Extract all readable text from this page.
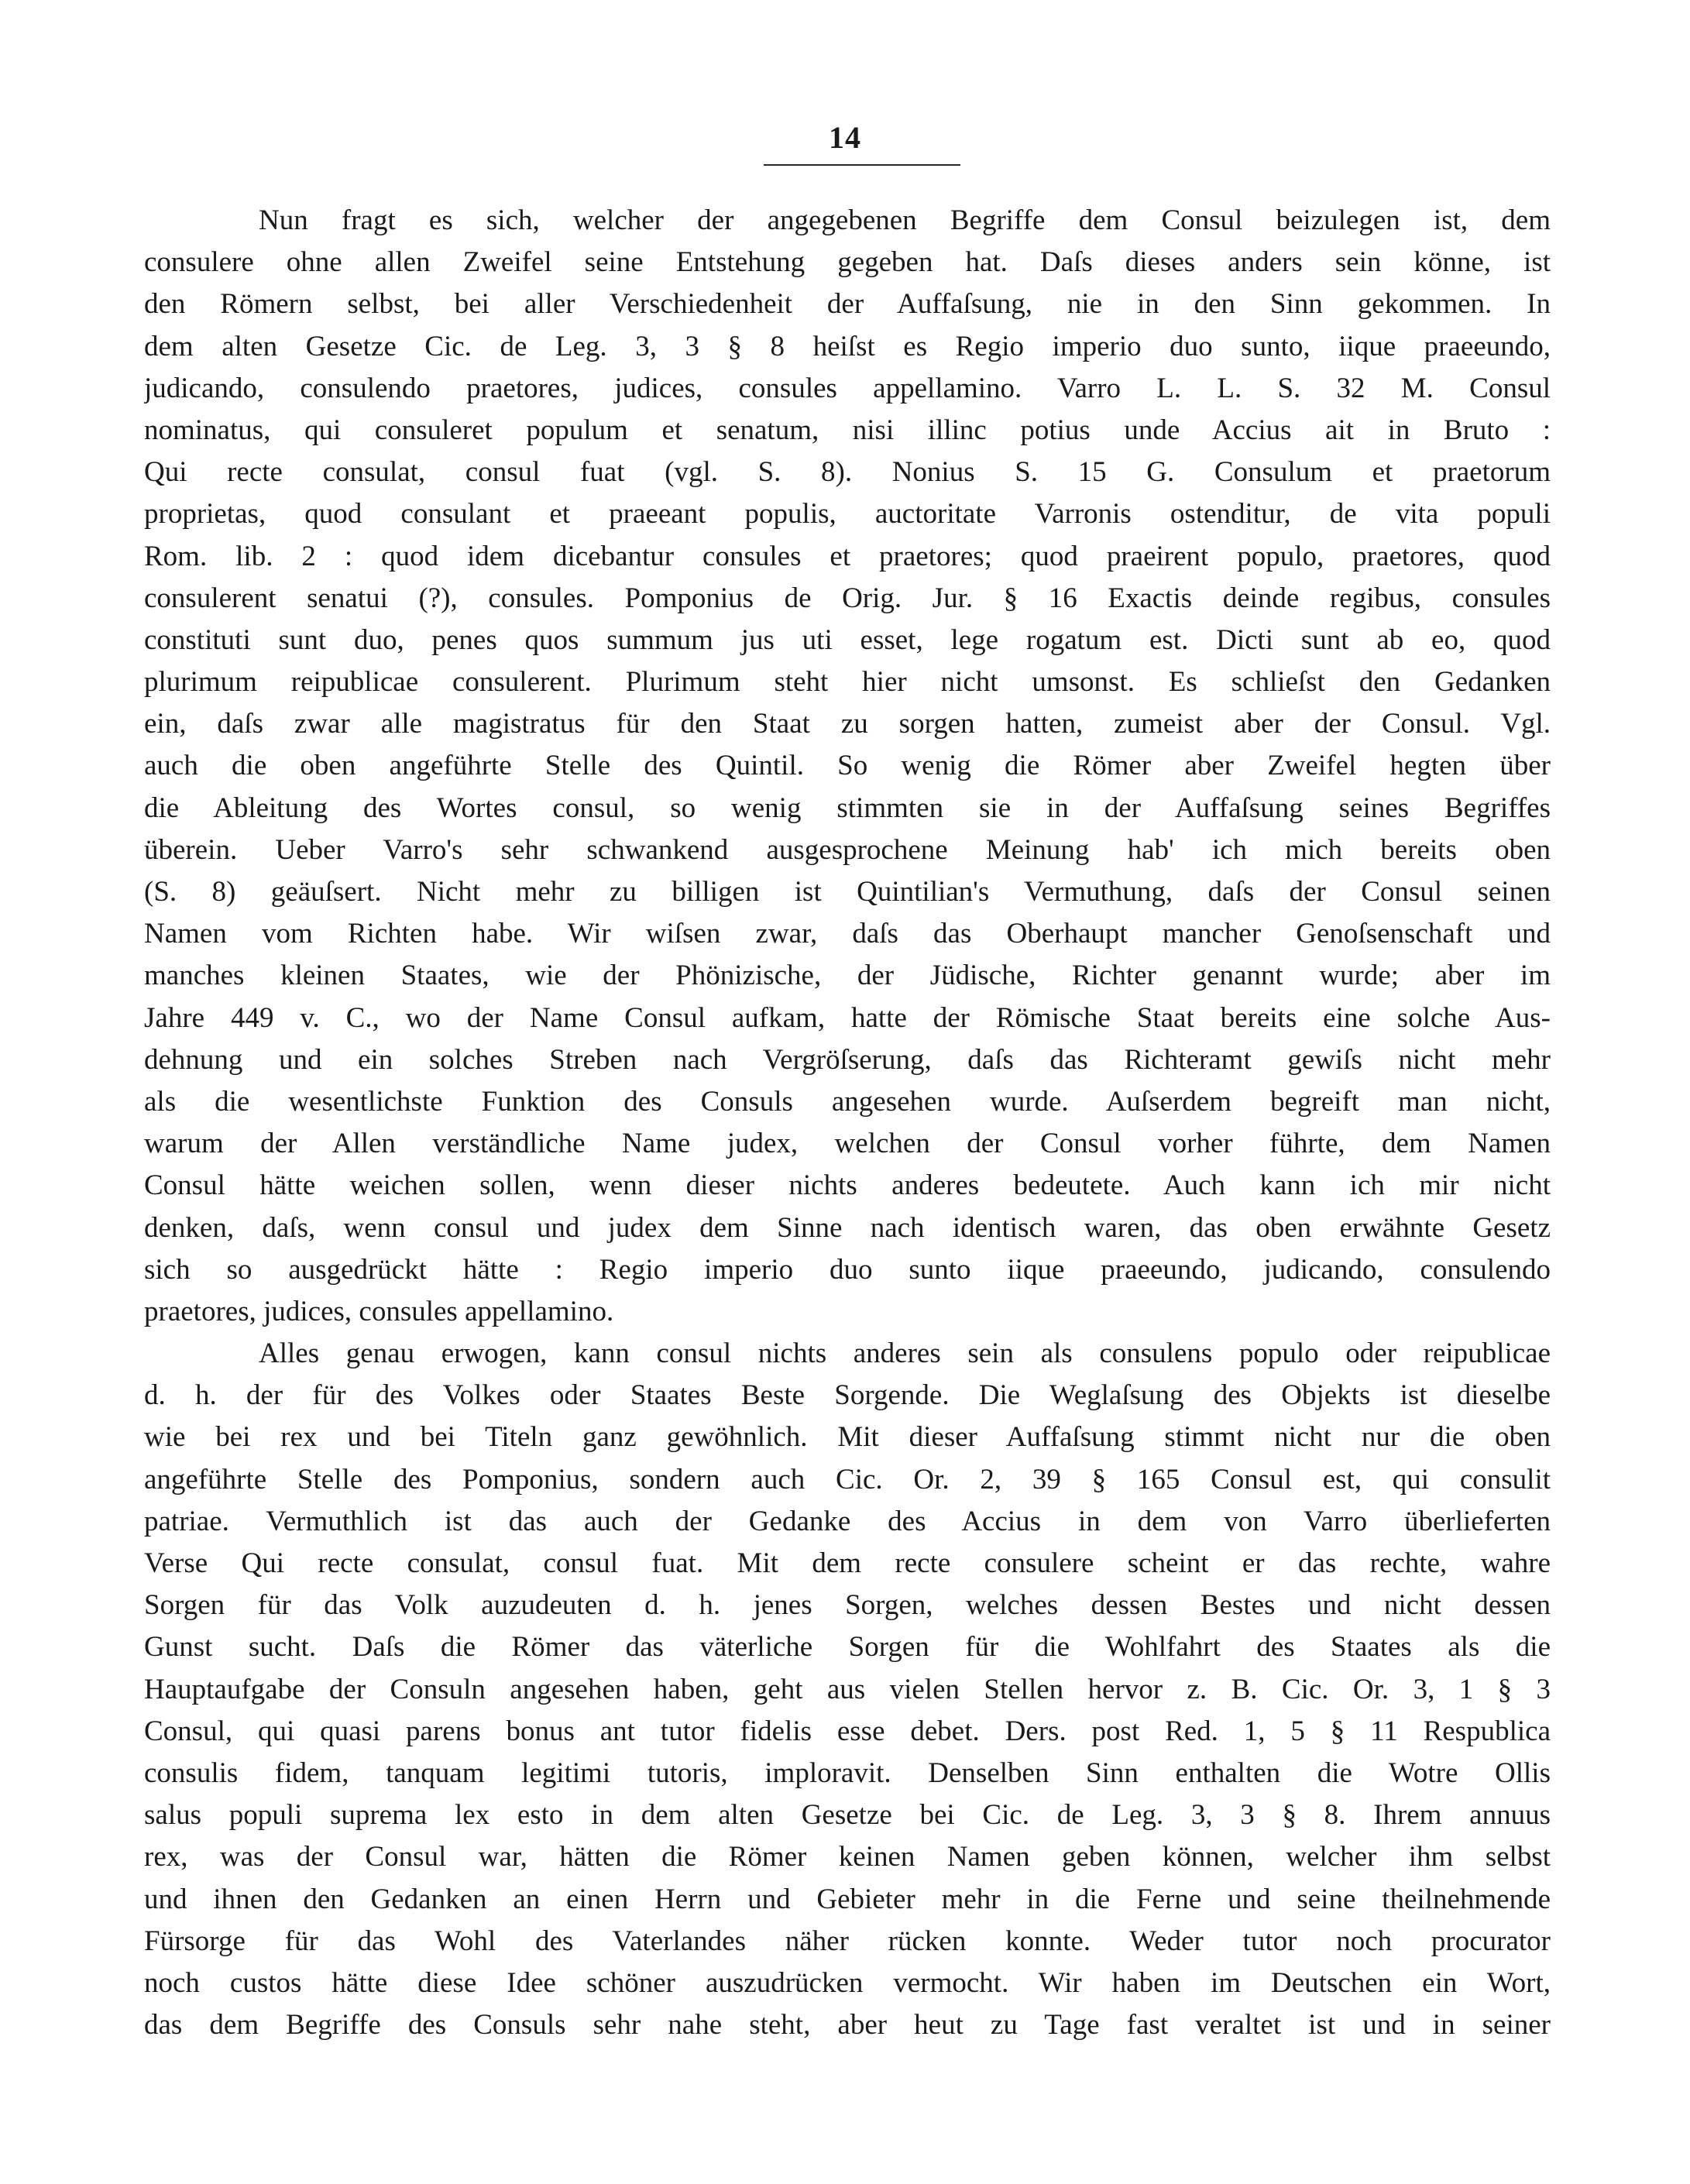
14
Nun fragt es sich, welcher der angegebenen Begriffe dem Consul beizulegen ist, dem
consulere ohne allen Zweifel seine Entstehung gegeben hat. Daſs dieses anders sein könne, ist
den Römern selbst, bei aller Verschiedenheit der Auffaſsung, nie in den Sinn gekommen. In
dem alten Gesetze Cic. de Leg. 3, 3 § 8 heiſst es Regio imperio duo sunto, iique praeeundo,
judicando, consulendo praetores, judices, consules appellamino. Varro L. L. S. 32 M. Consul
nominatus, qui consuleret populum et senatum, nisi illinc potius unde Accius ait in Bruto :
Qui recte consulat, consul fuat (vgl. S. 8). Nonius S. 15 G. Consulum et praetorum
proprietas, quod consulant et praeeant populis, auctoritate Varronis ostenditur, de vita populi
Rom. lib. 2 : quod idem dicebantur consules et praetores; quod praeirent populo, praetores, quod
consulerent senatui (?), consules. Pomponius de Orig. Jur. § 16 Exactis deinde regibus, consules
constituti sunt duo, penes quos summum jus uti esset, lege rogatum est. Dicti sunt ab eo, quod
plurimum reipublicae consulerent. Plurimum steht hier nicht umsonst. Es schlieſst den Gedanken
ein, daſs zwar alle magistratus für den Staat zu sorgen hatten, zumeist aber der Consul. Vgl.
auch die oben angeführte Stelle des Quintil. So wenig die Römer aber Zweifel hegten über
die Ableitung des Wortes consul, so wenig stimmten sie in der Auffaſsung seines Begriffes
überein. Ueber Varro's sehr schwankend ausgesprochene Meinung hab' ich mich bereits oben
(S. 8) geäuſsert. Nicht mehr zu billigen ist Quintilian's Vermuthung, daſs der Consul seinen
Namen vom Richten habe. Wir wiſsen zwar, daſs das Oberhaupt mancher Genoſsenschaft und
manches kleinen Staates, wie der Phönizische, der Jüdische, Richter genannt wurde; aber im
Jahre 449 v. C., wo der Name Consul aufkam, hatte der Römische Staat bereits eine solche Aus-
dehnung und ein solches Streben nach Vergröſserung, daſs das Richteramt gewiſs nicht mehr
als die wesentlichste Funktion des Consuls angesehen wurde. Auſserdem begreift man nicht,
warum der Allen verständliche Name judex, welchen der Consul vorher führte, dem Namen
Consul hätte weichen sollen, wenn dieser nichts anderes bedeutete. Auch kann ich mir nicht
denken, daſs, wenn consul und judex dem Sinne nach identisch waren, das oben erwähnte Gesetz
sich so ausgedrückt hätte : Regio imperio duo sunto iique praeeundo, judicando, consulendo
praetores, judices, consules appellamino.
Alles genau erwogen, kann consul nichts anderes sein als consulens populo oder reipublicae
d. h. der für des Volkes oder Staates Beste Sorgende. Die Weglaſsung des Objekts ist dieselbe
wie bei rex und bei Titeln ganz gewöhnlich. Mit dieser Auffaſsung stimmt nicht nur die oben
angeführte Stelle des Pomponius, sondern auch Cic. Or. 2, 39 § 165 Consul est, qui consulit
patriae. Vermuthlich ist das auch der Gedanke des Accius in dem von Varro überlieferten
Verse Qui recte consulat, consul fuat. Mit dem recte consulere scheint er das rechte, wahre
Sorgen für das Volk auzudeuten d. h. jenes Sorgen, welches dessen Bestes und nicht dessen
Gunst sucht. Daſs die Römer das väterliche Sorgen für die Wohlfahrt des Staates als die
Hauptaufgabe der Consuln angesehen haben, geht aus vielen Stellen hervor z. B. Cic. Or. 3, 1 § 3
Consul, qui quasi parens bonus ant tutor fidelis esse debet. Ders. post Red. 1, 5 § 11 Respublica
consulis fidem, tanquam legitimi tutoris, imploravit. Denselben Sinn enthalten die Wotre Ollis
salus populi suprema lex esto in dem alten Gesetze bei Cic. de Leg. 3, 3 § 8. Ihrem annuus
rex, was der Consul war, hätten die Römer keinen Namen geben können, welcher ihm selbst
und ihnen den Gedanken an einen Herrn und Gebieter mehr in die Ferne und seine theilnehmende
Fürsorge für das Wohl des Vaterlandes näher rücken konnte. Weder tutor noch procurator
noch custos hätte diese Idee schöner auszudrücken vermocht. Wir haben im Deutschen ein Wort,
das dem Begriffe des Consuls sehr nahe steht, aber heut zu Tage fast veraltet ist und in seiner
